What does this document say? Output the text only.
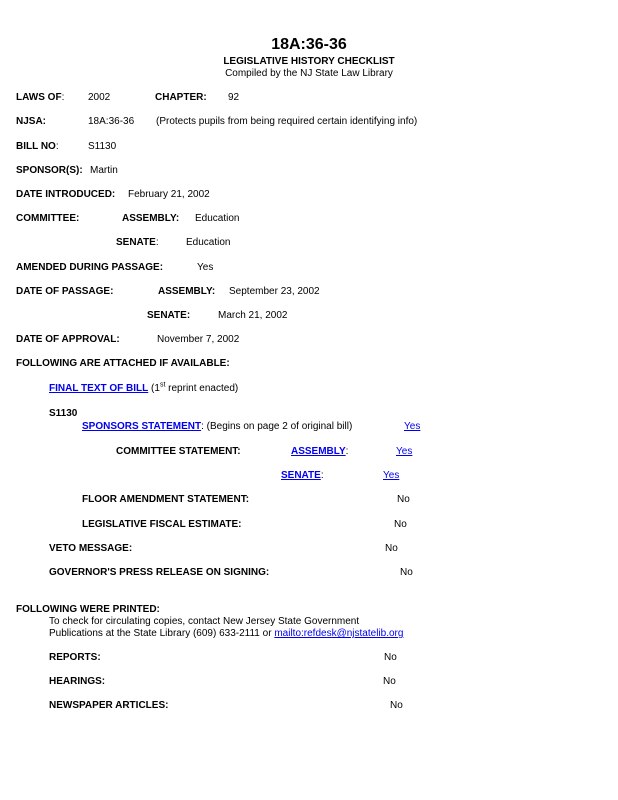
18A:36-36
LEGISLATIVE HISTORY CHECKLIST
Compiled by the NJ State Law Library
LAWS OF: 2002	CHAPTER: 92
NJSA:	18A:36-36 (Protects pupils from being required certain identifying info)
BILL NO:	S1130
SPONSOR(S): Martin
DATE INTRODUCED: February 21, 2002
COMMITTEE:	ASSEMBLY: Education
SENATE:	Education
AMENDED DURING PASSAGE:	Yes
DATE OF PASSAGE:	ASSEMBLY: September 23, 2002
SENATE:	March 21, 2002
DATE OF APPROVAL:	November 7, 2002
FOLLOWING ARE ATTACHED IF AVAILABLE:
FINAL TEXT OF BILL (1st reprint enacted)
S1130
SPONSORS STATEMENT: (Begins on page 2 of original bill)	Yes
COMMITTEE STATEMENT:	ASSEMBLY:	Yes
SENATE:	Yes
FLOOR AMENDMENT STATEMENT:	No
LEGISLATIVE FISCAL ESTIMATE:	No
VETO MESSAGE:	No
GOVERNOR'S PRESS RELEASE ON SIGNING:	No
FOLLOWING WERE PRINTED:
To check for circulating copies, contact New Jersey State Government
Publications at the State Library (609) 633-2111 or mailto:refdesk@njstatelib.org
REPORTS:	No
HEARINGS:	No
NEWSPAPER ARTICLES:	No
